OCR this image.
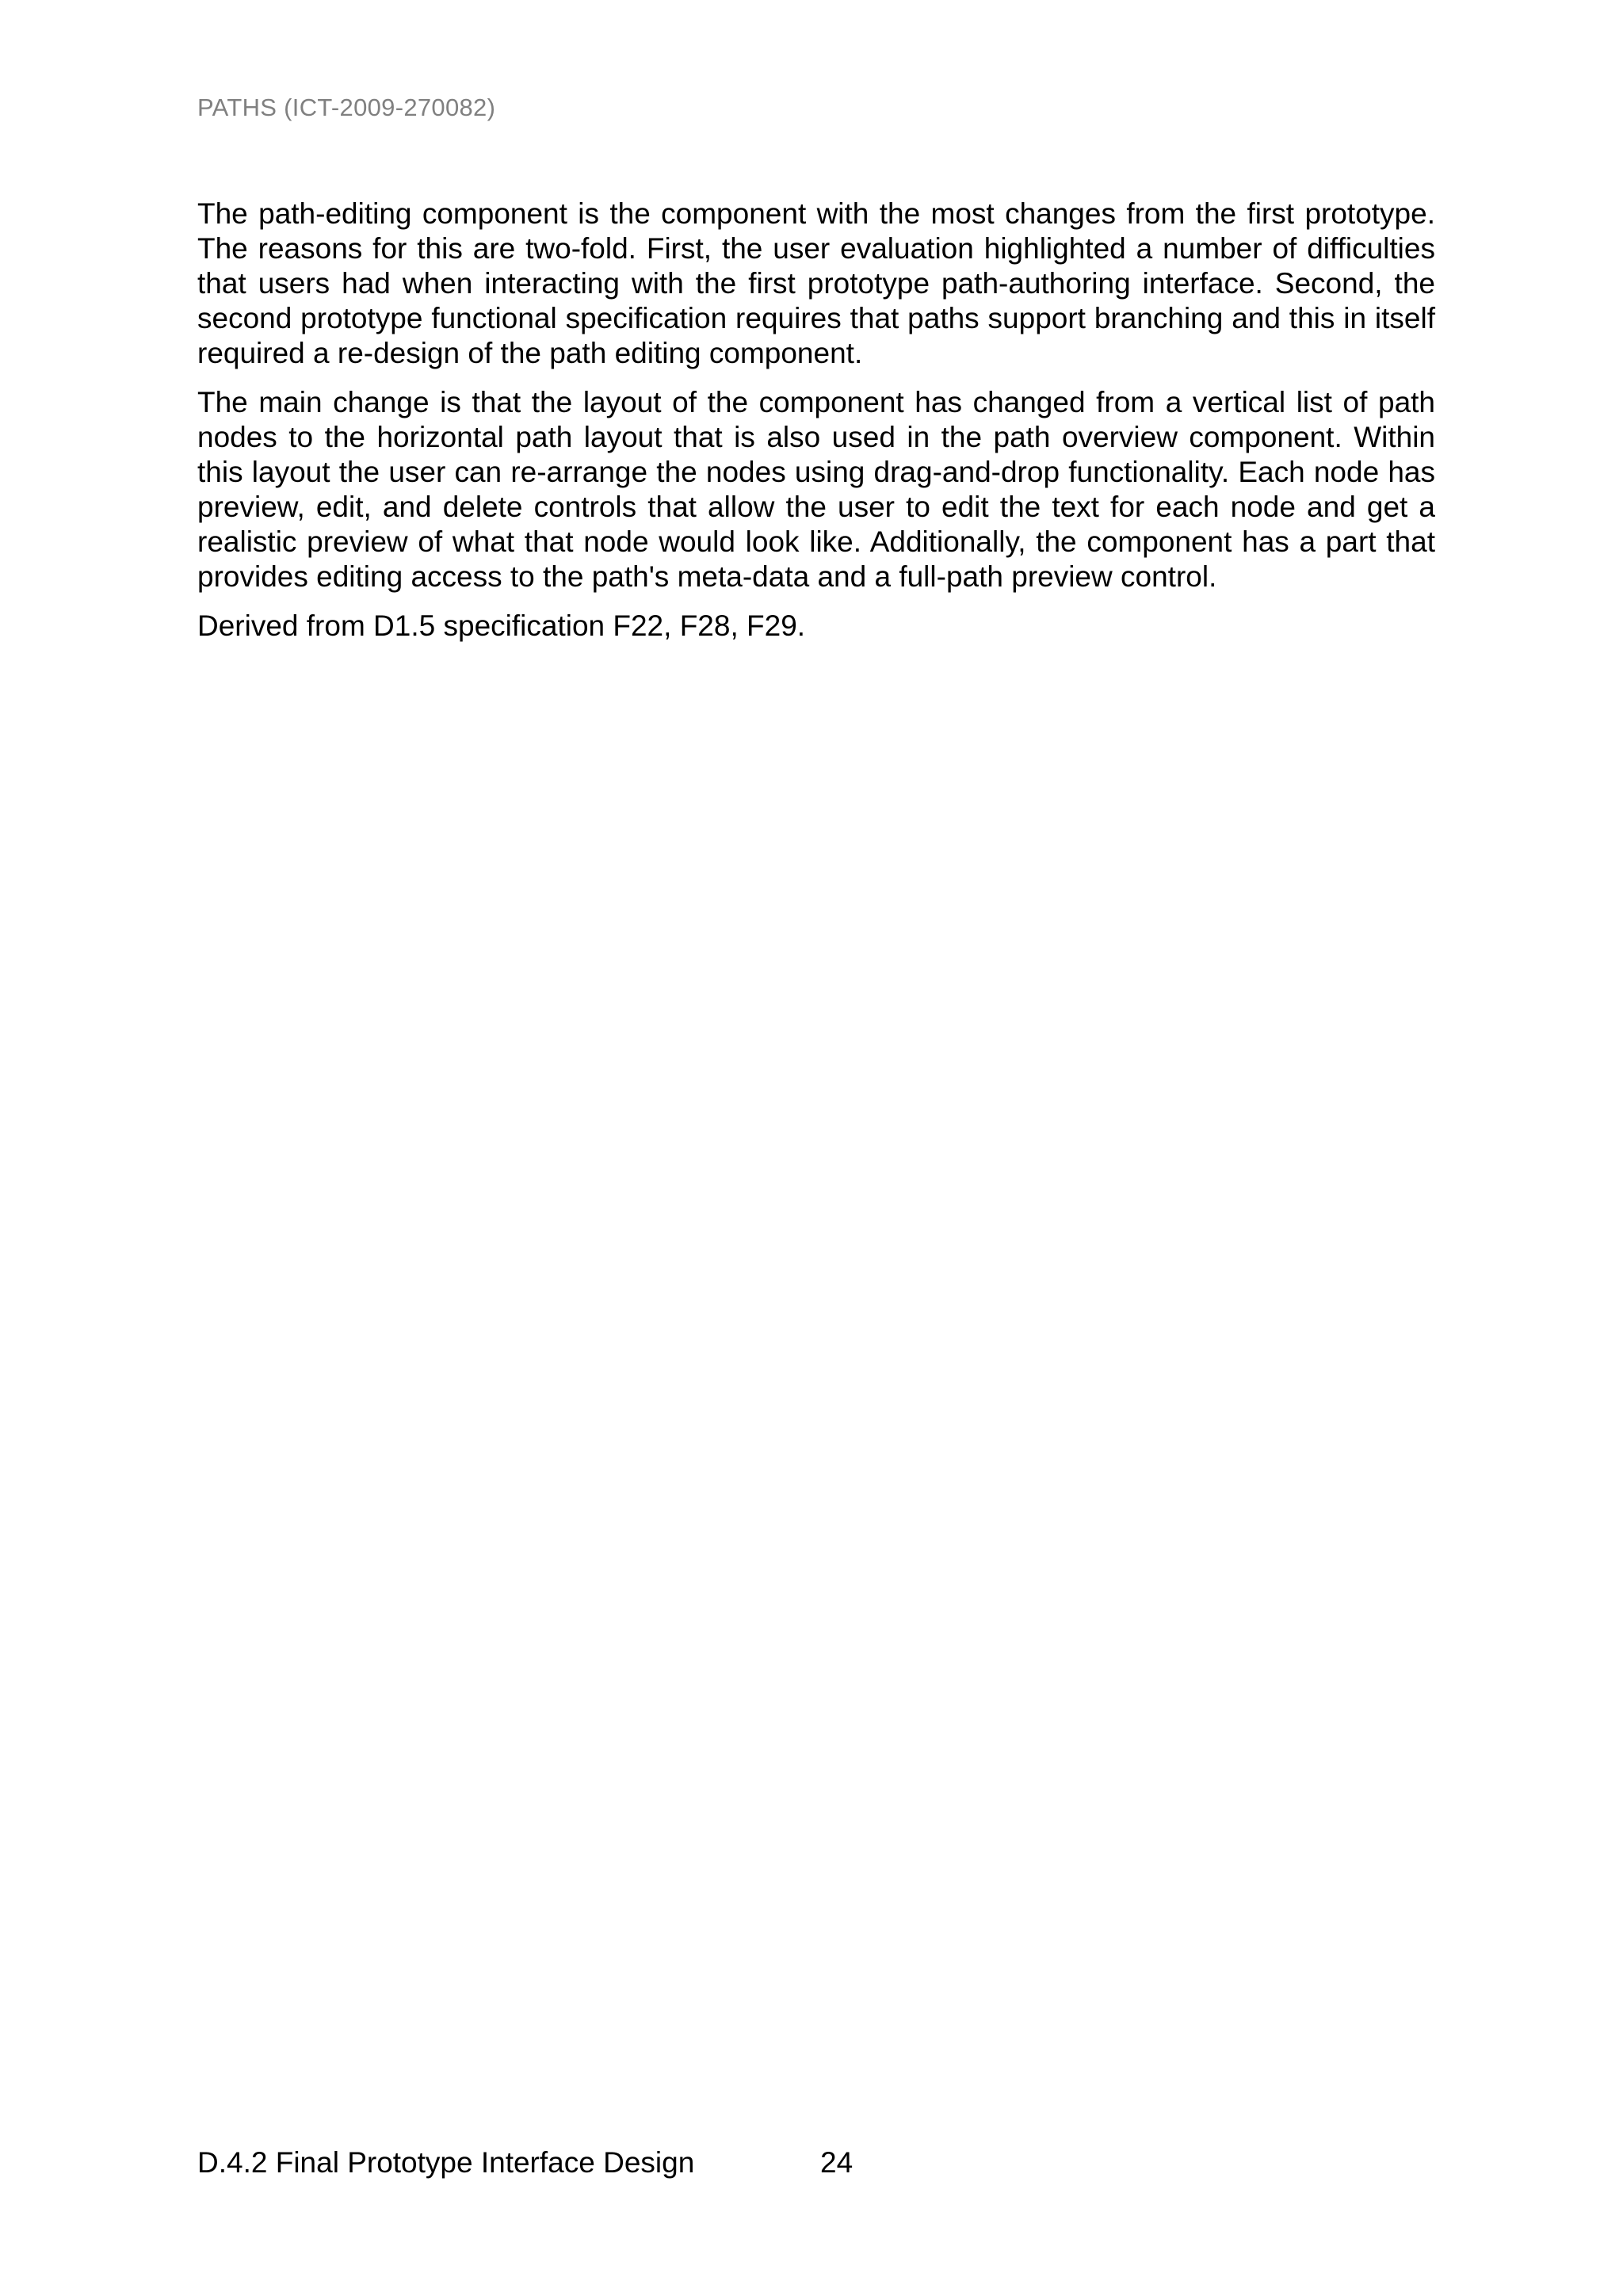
PATHS (ICT-2009-270082)

The path-editing component is the component with the most changes from the first prototype. The reasons for this are two-fold. First, the user evaluation highlighted a number of difficulties that users had when interacting with the first prototype path-authoring interface. Second, the second prototype functional specification requires that paths support branching and this in itself required a re-design of the path editing component.

The main change is that the layout of the component has changed from a vertical list of path nodes to the horizontal path layout that is also used in the path overview component. Within this layout the user can re-arrange the nodes using drag-and-drop functionality. Each node has preview, edit, and delete controls that allow the user to edit the text for each node and get a realistic preview of what that node would look like. Additionally, the component has a part that provides editing access to the path's meta-data and a full-path preview control.

Derived from D1.5 specification F22, F28, F29.

D.4.2 Final Prototype Interface Design	24
